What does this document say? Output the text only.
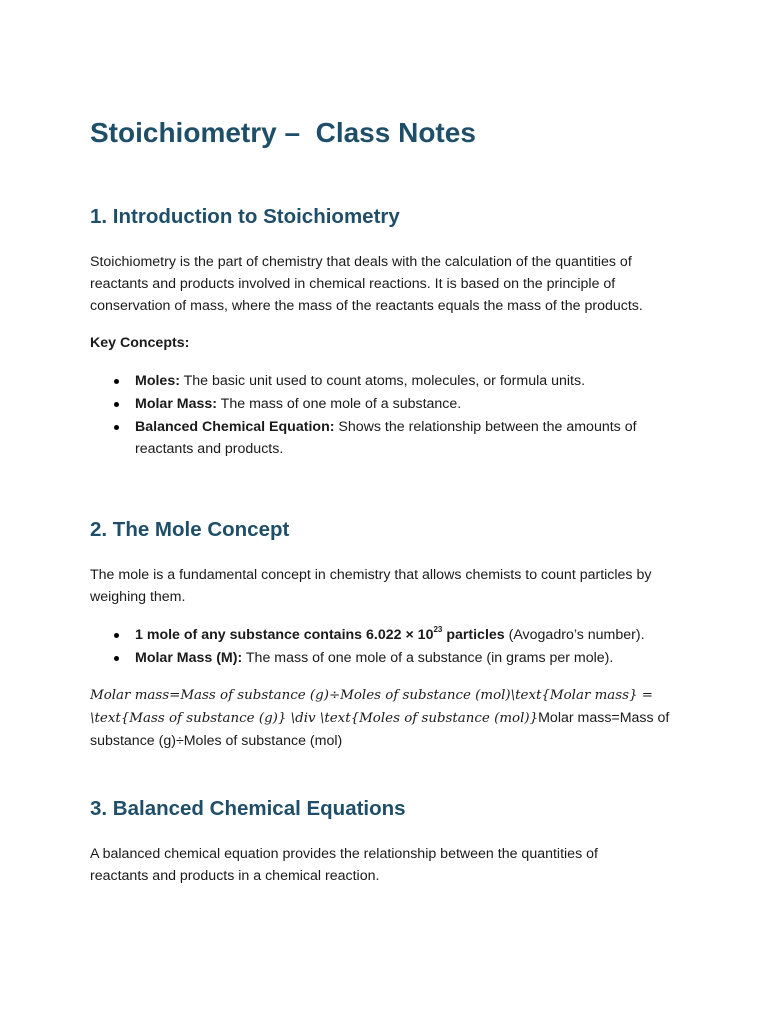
Stoichiometry –  Class Notes
1. Introduction to Stoichiometry

Stoichiometry is the part of chemistry that deals with the calculation of the quantities of
reactants and products involved in chemical reactions. It is based on the principle of
conservation of mass, where the mass of the reactants equals the mass of the products.

Key Concepts:

Moles: The basic unit used to count atoms, molecules, or formula units.
Molar Mass: The mass of one mole of a substance.
Balanced Chemical Equation: Shows the relationship between the amounts of reactants and products.
2. The Mole Concept

The mole is a fundamental concept in chemistry that allows chemists to count particles by
weighing them.

1 mole of any substance contains $6.022 \times 10^{23}$ particles (Avogadro’s number).
Molar Mass (M): The mass of one mole of a substance (in grams per mole).

Molar mass=Mass of substance (g)÷Moles of substance (mol)\text{Molar mass} =
\text{Mass of substance (g)} \div \text{Moles of substance (mol)}Molar mass=Mass of
substance (g)÷Moles of substance (mol)

3. Balanced Chemical Equations

A balanced chemical equation provides the relationship between the quantities of
reactants and products in a chemical reaction.
